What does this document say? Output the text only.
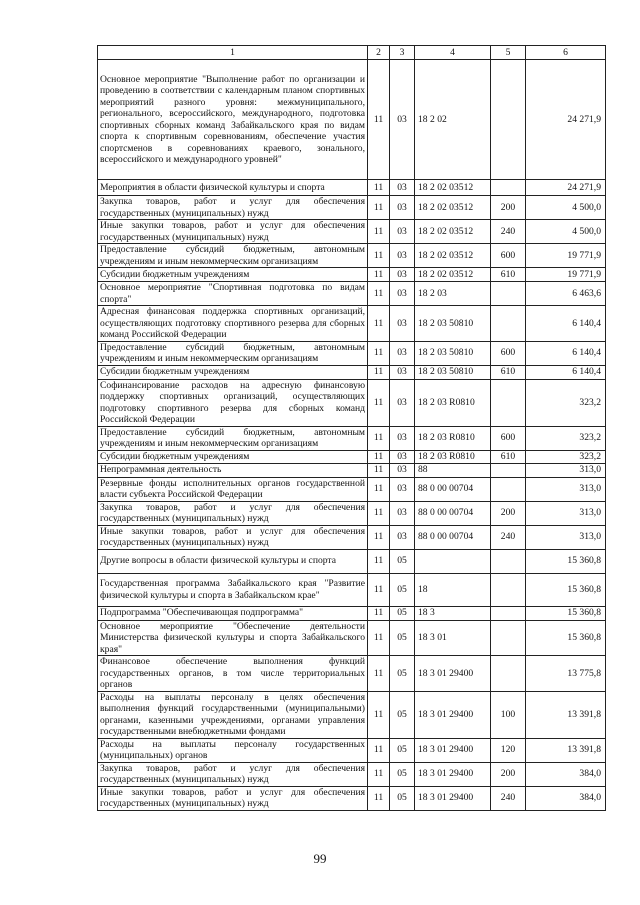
1	2	3	4	5	6
Основное мероприятие "Выполнение работ по организации и проведению в соответствии с календарным планом спортивных мероприятий разного уровня: межмуниципального, регионального, всероссийского, международного, подготовка спортивных сборных команд Забайкальского края по видам спорта к спортивным соревнованиям, обеспечение участия спортсменов в соревнованиях краевого, зонального, всероссийского и международного уровней"	11	03	18 2 02		24 271,9
Мероприятия в области физической культуры и спорта	11	03	18 2 02 03512		24 271,9
Закупка товаров, работ и услуг для обеспечения государственных (муниципальных) нужд	11	03	18 2 02 03512	200	4 500,0
Иные закупки товаров, работ и услуг для обеспечения государственных (муниципальных) нужд	11	03	18 2 02 03512	240	4 500,0
Предоставление субсидий бюджетным, автономным учреждениям и иным некоммерческим организациям	11	03	18 2 02 03512	600	19 771,9
Субсидии бюджетным учреждениям	11	03	18 2 02 03512	610	19 771,9
Основное мероприятие "Спортивная подготовка по видам спорта"	11	03	18 2 03		6 463,6
Адресная финансовая поддержка спортивных организаций, осуществляющих подготовку спортивного резерва для сборных команд Российской Федерации	11	03	18 2 03 50810		6 140,4
Предоставление субсидий бюджетным, автономным учреждениям и иным некоммерческим организациям	11	03	18 2 03 50810	600	6 140,4
Субсидии бюджетным учреждениям	11	03	18 2 03 50810	610	6 140,4
Софинансирование расходов на адресную финансовую поддержку спортивных организаций, осуществляющих подготовку спортивного резерва для сборных команд Российской Федерации	11	03	18 2 03 R0810		323,2
Предоставление субсидий бюджетным, автономным учреждениям и иным некоммерческим организациям	11	03	18 2 03 R0810	600	323,2
Субсидии бюджетным учреждениям	11	03	18 2 03 R0810	610	323,2
Непрограммная деятельность	11	03	88		313,0
Резервные фонды исполнительных органов государственной власти субъекта Российской Федерации	11	03	88 0 00 00704		313,0
Закупка товаров, работ и услуг для обеспечения государственных (муниципальных) нужд	11	03	88 0 00 00704	200	313,0
Иные закупки товаров, работ и услуг для обеспечения государственных (муниципальных) нужд	11	03	88 0 00 00704	240	313,0
Другие вопросы в области физической культуры и спорта	11	05			15 360,8
Государственная программа Забайкальского края "Развитие физической культуры и спорта в Забайкальском крае"	11	05	18		15 360,8
Подпрограмма "Обеспечивающая подпрограмма"	11	05	18 3		15 360,8
Основное мероприятие "Обеспечение деятельности Министерства физической культуры и спорта Забайкальского края"	11	05	18 3 01		15 360,8
Финансовое обеспечение выполнения функций государственных органов, в том числе территориальных органов	11	05	18 3 01 29400		13 775,8
Расходы на выплаты персоналу в целях обеспечения выполнения функций государственными (муниципальными) органами, казенными учреждениями, органами управления государственными внебюджетными фондами	11	05	18 3 01 29400	100	13 391,8
Расходы на выплаты персоналу государственных (муниципальных) органов	11	05	18 3 01 29400	120	13 391,8
Закупка товаров, работ и услуг для обеспечения государственных (муниципальных) нужд	11	05	18 3 01 29400	200	384,0
Иные закупки товаров, работ и услуг для обеспечения государственных (муниципальных) нужд	11	05	18 3 01 29400	240	384,0
99
